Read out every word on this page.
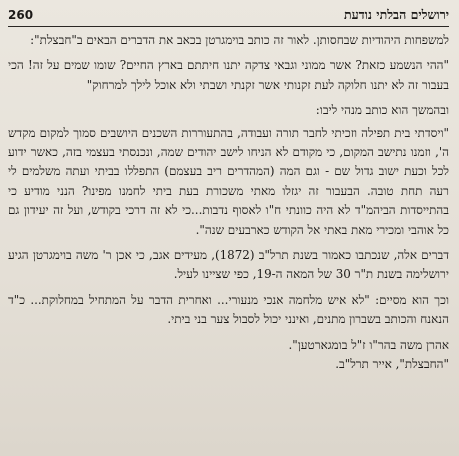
ירושלים הבלתי נודעת
260

למשפחות היהודיות שבחסותן. לאור זה כותב בוימגרטן בכאב את הדברים הבאים ב"חבצלת":

"ההי הנשמע כזאת? אשר ממוני וגבאי צדקה יתנו חיתתם בארץ החיים? שומו שמים על זה! הכי בעבור זה לא יתנו חלוקה לעת זקנותי אשר זקנתי ושבתי ולא אוכל לילך למרחוק"

ובהמשך הוא כותב מנהי ליבו:

"ויסדתי בית תפילה וזכיתי לחבר תורה ועבודה, בהתעוררות השכנים היושבים סמוך למקום מקדש ה', וזמנו נתישב המקום, כי מקודם לא הניחו לישב יהודים שמה, ונכנסתי בעצמי בזה, כאשר ידוע לכל וכעת ישוב גדול שם - וגם המה (המהדרים ריב בעצמם) התפללו בביתי ועתה משלמים לי רעה תחת טובה. הבעבור זה יגזלו מאתי משכורת בעת ביתי לחמנו מפינו? הנני מודיע כי בהתייסדות הביהמ"ד לא היה כוונתי ח"ו לאסוף נדבות...כי לא זה דרכי בקודש, ועל זה יעידון גם כל אוהבי ומכירי מאת באתי אל הקודש כארבעים שנה".

דברים אלה, שנכתבו כאמור בשנת תרל"ב (1872), מעידים אגב, כי אכן ר' משה בוימגרטן הגיע ירושלימה בשנת ת"ר 30 של המאה ה-19, כפי שציינו לעיל.

וכך הוא מסיים: "לא איש מלחמה אנכי מנעורי... ואחרית הדבר על המתחיל במחלוקת... כ"ד הנאנח והכותב בשברון מתנים, ואינני יכול לסבול צער בני ביתי.

אהרן משה בהר"ו ז"ל בומגארטען".
"החבצלת", אייר תרל"ב.
